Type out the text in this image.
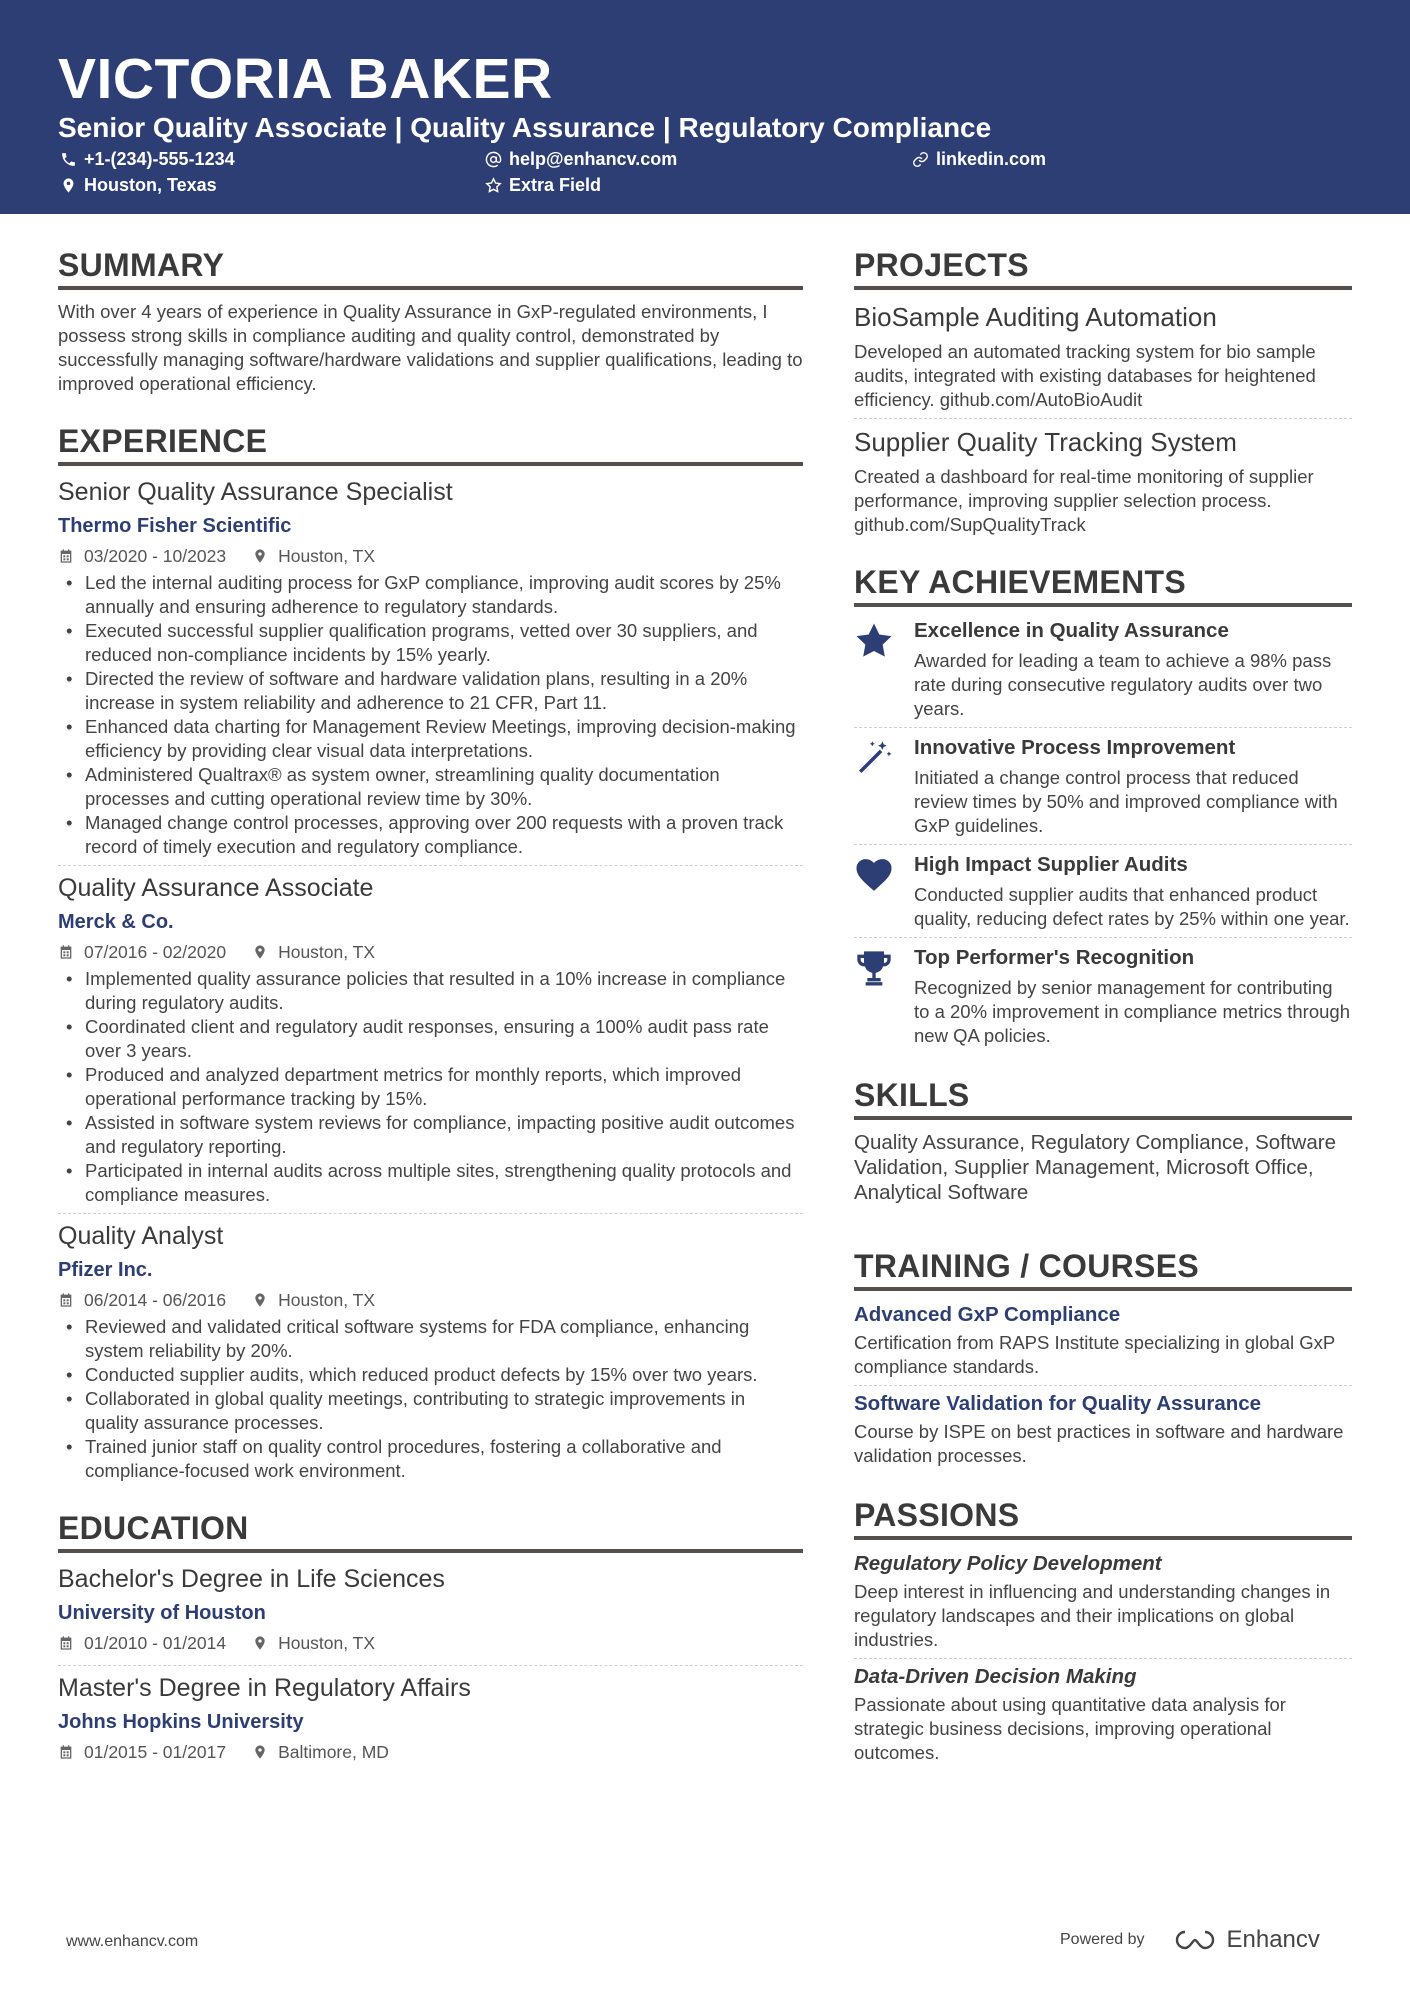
VICTORIA BAKER
Senior Quality Associate | Quality Assurance | Regulatory Compliance
+1-(234)-555-1234	help@enhancv.com	linkedin.com
Houston, Texas	Extra Field
SUMMARY

With over 4 years of experience in Quality Assurance in GxP-regulated environments, I possess strong skills in compliance auditing and quality control, demonstrated by successfully managing software/hardware validations and supplier qualifications, leading to improved operational efficiency.

EXPERIENCE
Senior Quality Assurance Specialist
Thermo Fisher Scientific
03/2020 - 10/2023	Houston, TX
• Led the internal auditing process for GxP compliance, improving audit scores by 25% annually and ensuring adherence to regulatory standards.
• Executed successful supplier qualification programs, vetted over 30 suppliers, and reduced non-compliance incidents by 15% yearly.
• Directed the review of software and hardware validation plans, resulting in a 20% increase in system reliability and adherence to 21 CFR, Part 11.
• Enhanced data charting for Management Review Meetings, improving decision-making efficiency by providing clear visual data interpretations.
• Administered Qualtrax® as system owner, streamlining quality documentation processes and cutting operational review time by 30%.
• Managed change control processes, approving over 200 requests with a proven track record of timely execution and regulatory compliance.
Quality Assurance Associate
Merck & Co.
07/2016 - 02/2020	Houston, TX
• Implemented quality assurance policies that resulted in a 10% increase in compliance during regulatory audits.
• Coordinated client and regulatory audit responses, ensuring a 100% audit pass rate over 3 years.
• Produced and analyzed department metrics for monthly reports, which improved operational performance tracking by 15%.
• Assisted in software system reviews for compliance, impacting positive audit outcomes and regulatory reporting.
• Participated in internal audits across multiple sites, strengthening quality protocols and compliance measures.
Quality Analyst
Pfizer Inc.
06/2014 - 06/2016	Houston, TX
• Reviewed and validated critical software systems for FDA compliance, enhancing system reliability by 20%.
• Conducted supplier audits, which reduced product defects by 15% over two years.
• Collaborated in global quality meetings, contributing to strategic improvements in quality assurance processes.
• Trained junior staff on quality control procedures, fostering a collaborative and compliance-focused work environment.
EDUCATION
Bachelor's Degree in Life Sciences
University of Houston
01/2010 - 01/2014	Houston, TX
Master's Degree in Regulatory Affairs
Johns Hopkins University
01/2015 - 01/2017	Baltimore, MD
PROJECTS
BioSample Auditing Automation
Developed an automated tracking system for bio sample audits, integrated with existing databases for heightened efficiency. github.com/AutoBioAudit
Supplier Quality Tracking System
Created a dashboard for real-time monitoring of supplier performance, improving supplier selection process. github.com/SupQualityTrack
KEY ACHIEVEMENTS
Excellence in Quality Assurance
Awarded for leading a team to achieve a 98% pass rate during consecutive regulatory audits over two years.
Innovative Process Improvement
Initiated a change control process that reduced review times by 50% and improved compliance with GxP guidelines.
High Impact Supplier Audits
Conducted supplier audits that enhanced product quality, reducing defect rates by 25% within one year.
Top Performer's Recognition
Recognized by senior management for contributing to a 20% improvement in compliance metrics through new QA policies.
SKILLS
Quality Assurance, Regulatory Compliance, Software Validation, Supplier Management, Microsoft Office, Analytical Software
TRAINING / COURSES
Advanced GxP Compliance
Certification from RAPS Institute specializing in global GxP compliance standards.
Software Validation for Quality Assurance
Course by ISPE on best practices in software and hardware validation processes.
PASSIONS
Regulatory Policy Development
Deep interest in influencing and understanding changes in regulatory landscapes and their implications on global industries.
Data-Driven Decision Making
Passionate about using quantitative data analysis for strategic business decisions, improving operational outcomes.
www.enhancv.com	Powered by	Enhancv
